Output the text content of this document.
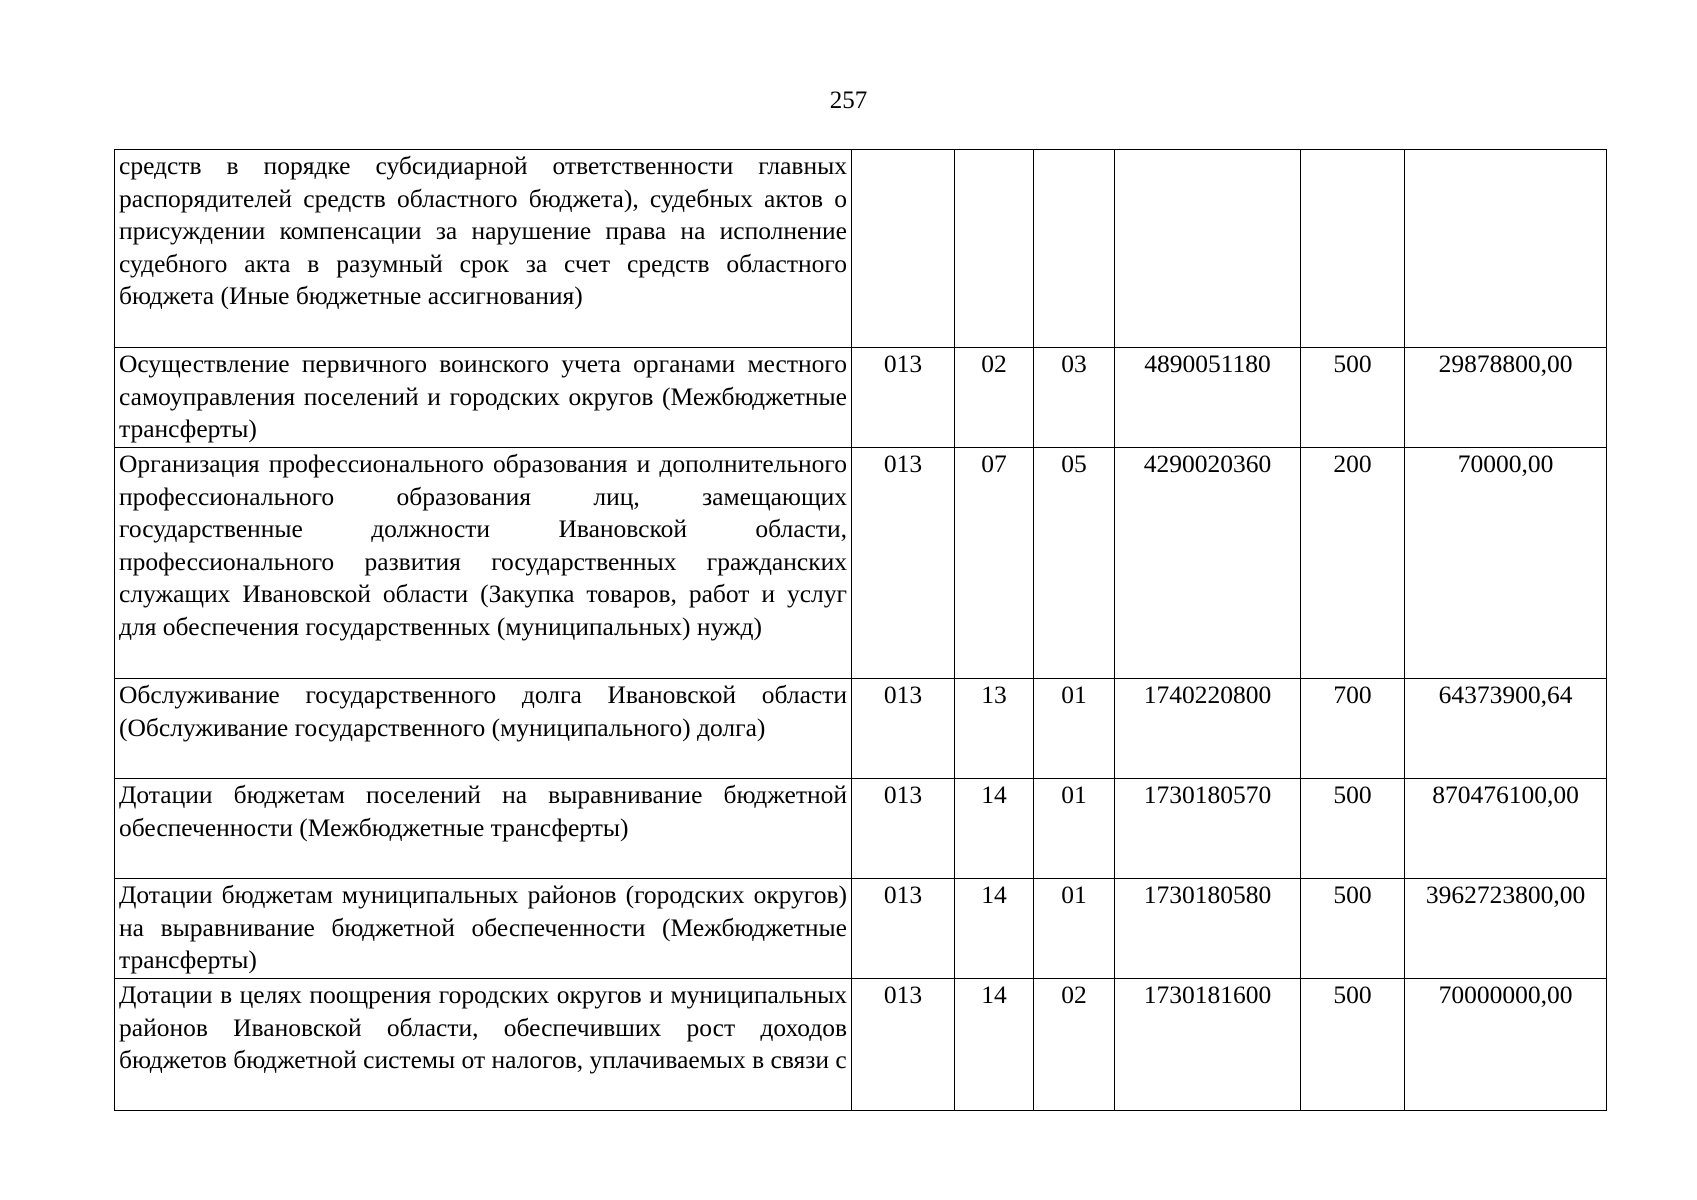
257
средств в порядке субсидиарной ответственности главных распорядителей средств областного бюджета), судебных актов о присуждении компенсации за нарушение права на исполнение судебного акта в разумный срок за счет средств областного бюджета (Иные бюджетные ассигнования)						
Осуществление первичного воинского учета органами местного самоуправления поселений и городских округов (Межбюджетные трансферты)	013	02	03	4890051180	500	29878800,00
Организация профессионального образования и дополнительного профессионального образования лиц, замещающих государственные должности Ивановской области, профессионального развития государственных гражданских служащих Ивановской области (Закупка товаров, работ и услуг для обеспечения государственных (муниципальных) нужд)	013	07	05	4290020360	200	70000,00
Обслуживание государственного долга Ивановской области (Обслуживание государственного (муниципального) долга)	013	13	01	1740220800	700	64373900,64
Дотации бюджетам поселений на выравнивание бюджетной обеспеченности (Межбюджетные трансферты)	013	14	01	1730180570	500	870476100,00
Дотации бюджетам муниципальных районов (городских округов) на выравнивание бюджетной обеспеченности (Межбюджетные трансферты)	013	14	01	1730180580	500	3962723800,00
Дотации в целях поощрения городских округов и муниципальных районов Ивановской области, обеспечивших рост доходов бюджетов бюджетной системы от налогов, уплачиваемых в связи с	013	14	02	1730181600	500	70000000,00
